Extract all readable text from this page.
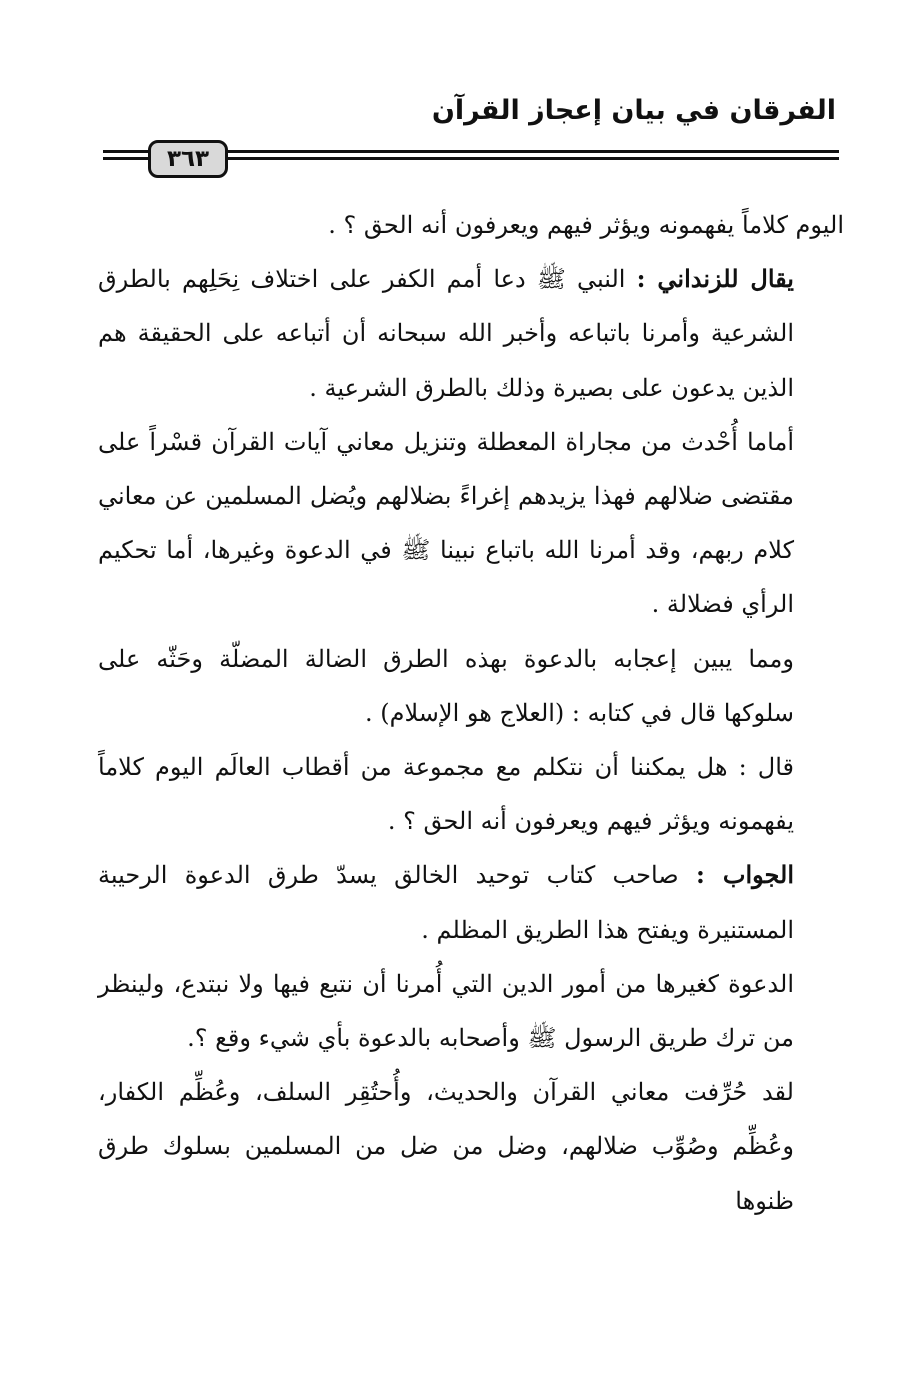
الفرقان في بيان إعجاز القرآن
٣٦٣

اليوم كلاماً يفهمونه ويؤثر فيهم ويعرفون أنه الحق ؟ .

يقال للزنداني : النبي ﷺ دعا أمم الكفر على اختلاف نِحَلِهم بالطرق الشرعية وأمرنا باتباعه وأخبر الله سبحانه أن أتباعه على الحقيقة هم الذين يدعون على بصيرة وذلك بالطرق الشرعية .

أماما أُحْدث من مجاراة المعطلة وتنزيل معاني آيات القرآن قسْراً على مقتضى ضلالهم فهذا يزيدهم إغراءً بضلالهم ويُضل المسلمين عن معاني كلام ربهم، وقد أمرنا الله باتباع نبينا ﷺ في الدعوة وغيرها، أما تحكيم الرأي فضلالة .

ومما يبين إعجابه بالدعوة بهذه الطرق الضالة المضلّة وحَثّه على سلوكها قال في كتابه : (العلاج هو الإسلام) .

قال : هل يمكننا أن نتكلم مع مجموعة من أقطاب العالَم اليوم كلاماً يفهمونه ويؤثر فيهم ويعرفون أنه الحق ؟ .

الجواب : صاحب كتاب توحيد الخالق يسدّ طرق الدعوة الرحيبة المستنيرة ويفتح هذا الطريق المظلم .

الدعوة كغيرها من أمور الدين التي أُمرنا أن نتبع فيها ولا نبتدع، ولينظر من ترك طريق الرسول ﷺ وأصحابه بالدعوة بأي شيء وقع ؟.

لقد حُرِّفت معاني القرآن والحديث، وأُحتُقِر السلف، وعُظِّم الكفار، وعُظِّم وصُوِّب ضلالهم، وضل من ضل من المسلمين بسلوك طرق ظنوها
